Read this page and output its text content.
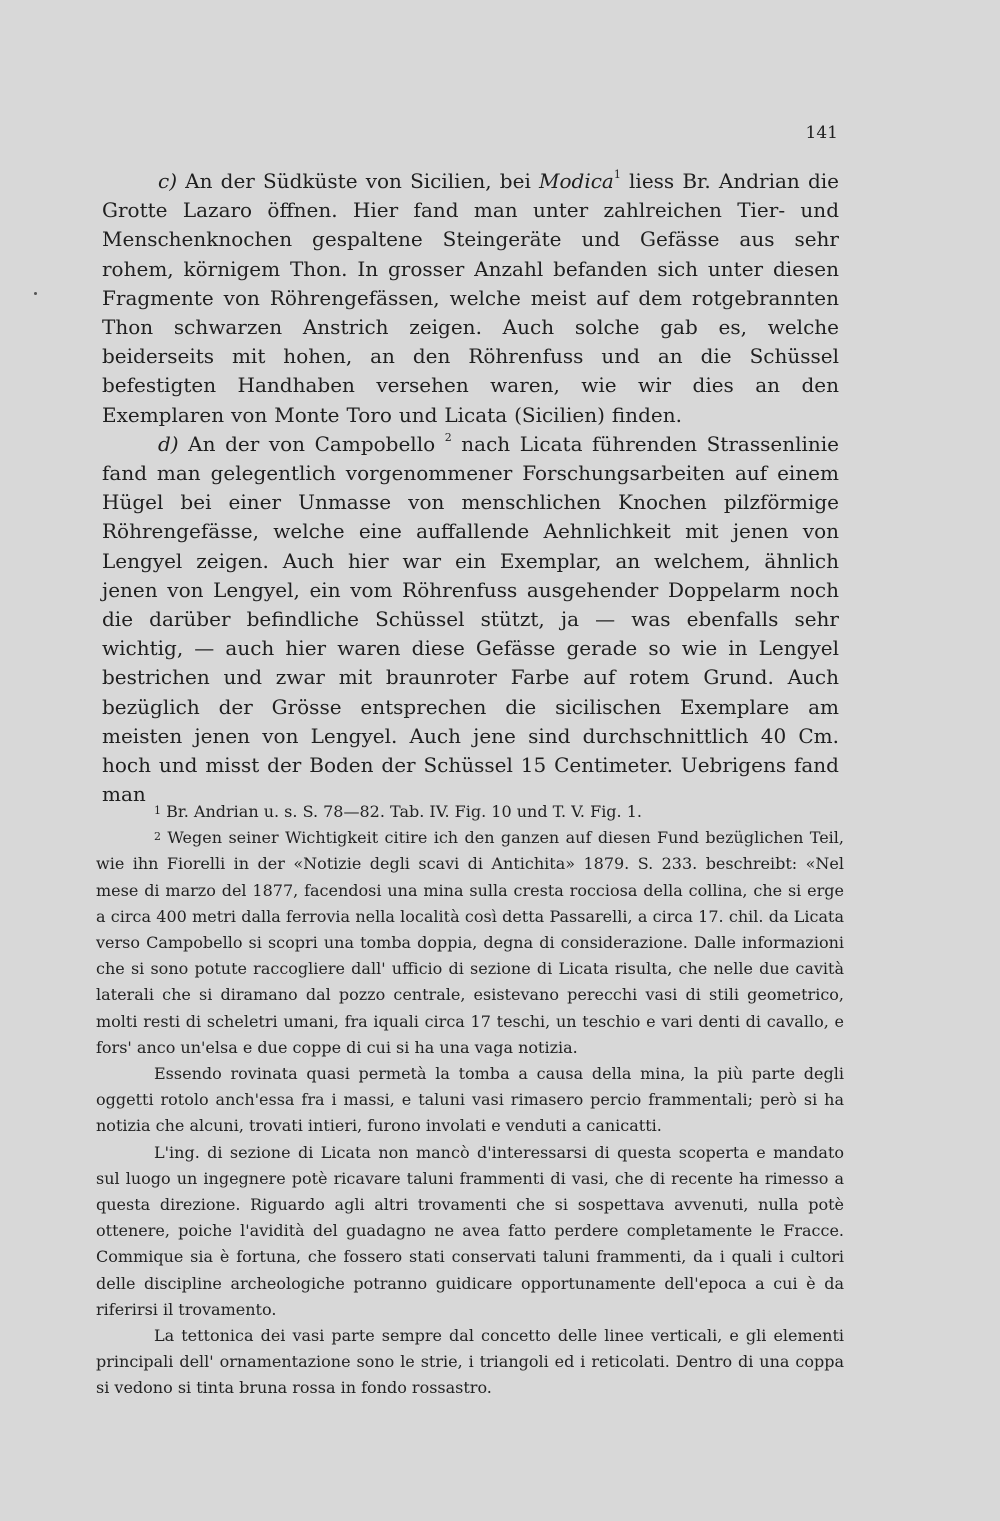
141

c) An der Südküste von Sicilien, bei Modica$^1$ liess Br. Andrian die Grotte Lazaro öffnen. Hier fand man unter zahlreichen Tier- und Menschenknochen gespaltene Steingeräte und Gefässe aus sehr rohem, körnigem Thon. In grosser Anzahl befanden sich unter diesen Fragmente von Röhrengefässen, welche meist auf dem rotgebrannten Thon schwarzen Anstrich zeigen. Auch solche gab es, welche beiderseits mit hohen, an den Röhrenfuss und an die Schüssel befestigten Handhaben versehen waren, wie wir dies an den Exemplaren von Monte Toro und Licata (Sicilien) finden.

d) An der von Campobello $^2$ nach Licata führenden Strassenlinie fand man gelegentlich vorgenommener Forschungsarbeiten auf einem Hügel bei einer Unmasse von menschlichen Knochen pilzförmige Röhrengefässe, welche eine auffallende Aehnlichkeit mit jenen von Lengyel zeigen. Auch hier war ein Exemplar, an welchem, ähnlich jenen von Lengyel, ein vom Röhrenfuss ausgehender Doppelarm noch die darüber befindliche Schüssel stützt, ja — was ebenfalls sehr wichtig, — auch hier waren diese Gefässe gerade so wie in Lengyel bestrichen und zwar mit braunroter Farbe auf rotem Grund. Auch bezüglich der Grösse entsprechen die sicilischen Exemplare am meisten jenen von Lengyel. Auch jene sind durchschnittlich 40 Cm. hoch und misst der Boden der Schüssel 15 Centimeter. Uebrigens fand man

$^1$ Br. Andrian u. s. S. 78—82. Tab. IV. Fig. 10 und T. V. Fig. 1.

$^2$ Wegen seiner Wichtigkeit citire ich den ganzen auf diesen Fund bezüglichen Teil, wie ihn Fiorelli in der «Notizie degli scavi di Antichita» 1879. S. 233. beschreibt: «Nel mese di marzo del 1877, facendosi una mina sulla cresta rocciosa della collina, che si erge a circa 400 metri dalla ferrovia nella località così detta Passarelli, a circa 17. chil. da Licata verso Campobello si scopri una tomba doppia, degna di considerazione. Dalle informazioni che si sono potute raccogliere dall' ufficio di sezione di Licata risulta, che nelle due cavità laterali che si diramano dal pozzo centrale, esistevano perecchi vasi di stili geometrico, molti resti di scheletri umani, fra iquali circa 17 teschi, un teschio e vari denti di cavallo, e fors' anco un'elsa e due coppe di cui si ha una vaga notizia.

Essendo rovinata quasi permetà la tomba a causa della mina, la più parte degli oggetti rotolo anch'essa fra i massi, e taluni vasi rimasero percio frammentali; però si ha notizia che alcuni, trovati intieri, furono involati e venduti a canicatti.

L'ing. di sezione di Licata non mancò d'interessarsi di questa scoperta e mandato sul luogo un ingegnere potè ricavare taluni frammenti di vasi, che di recente ha rimesso a questa direzione. Riguardo agli altri trovamenti che si sospettava avvenuti, nulla potè ottenere, poiche l'avidità del guadagno ne avea fatto perdere completamente le Fracce. Commique sia è fortuna, che fossero stati conservati taluni frammenti, da i quali i cultori delle discipline archeologiche potranno guidicare opportunamente dell'epoca a cui è da riferirsi il trovamento.

La tettonica dei vasi parte sempre dal concetto delle linee verticali, e gli elementi principali dell' ornamentazione sono le strie, i triangoli ed i reticolati. Dentro di una coppa si vedono si tinta bruna rossa in fondo rossastro.
